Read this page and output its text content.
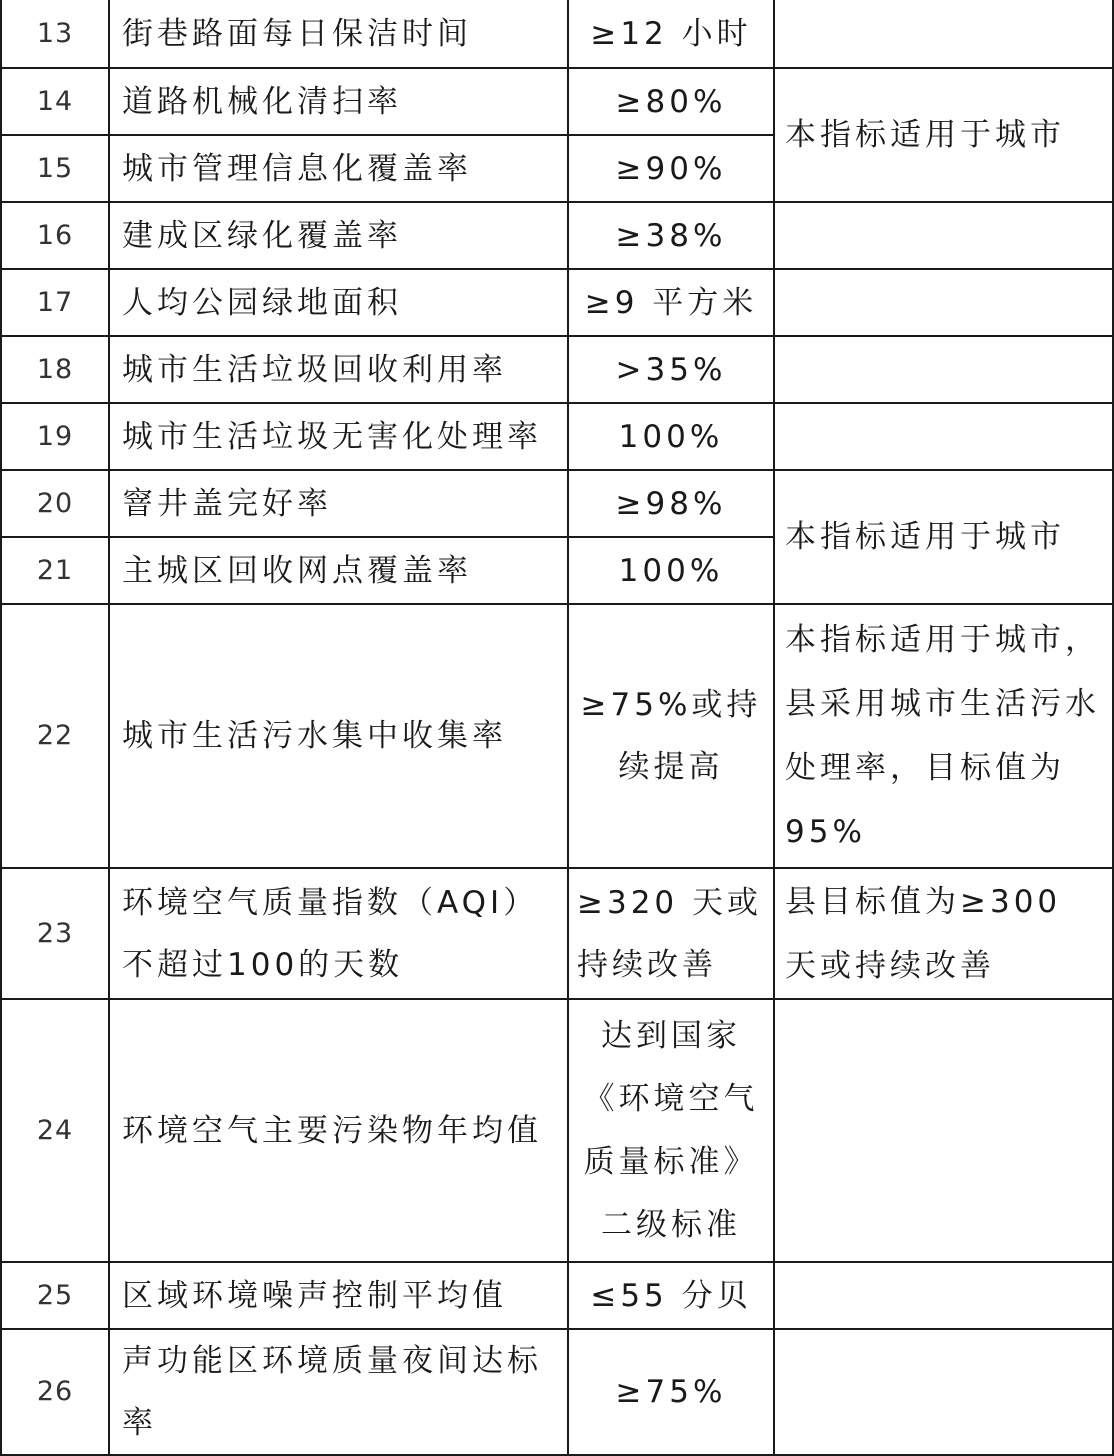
13	街巷路面每日保洁时间	≥12 小时	
14	道路机械化清扫率	≥80%	本指标适用于城市
15	城市管理信息化覆盖率	≥90%	
16	建成区绿化覆盖率	≥38%	
17	人均公园绿地面积	≥9 平方米	
18	城市生活垃圾回收利用率	>35%	
19	城市生活垃圾无害化处理率	100%	
20	窨井盖完好率	≥98%	本指标适用于城市
21	主城区回收网点覆盖率	100%	
22	城市生活污水集中收集率	≥75%或持续提高	本指标适用于城市，县采用城市生活污水处理率，目标值为95%
23	环境空气质量指数（AQI）不超过100的天数	≥320 天或持续改善	县目标值为≥300 天或持续改善
24	环境空气主要污染物年均值	达到国家《环境空气质量标准》二级标准	
25	区域环境噪声控制平均值	≤55 分贝	
26	声功能区环境质量夜间达标率	≥75%	
